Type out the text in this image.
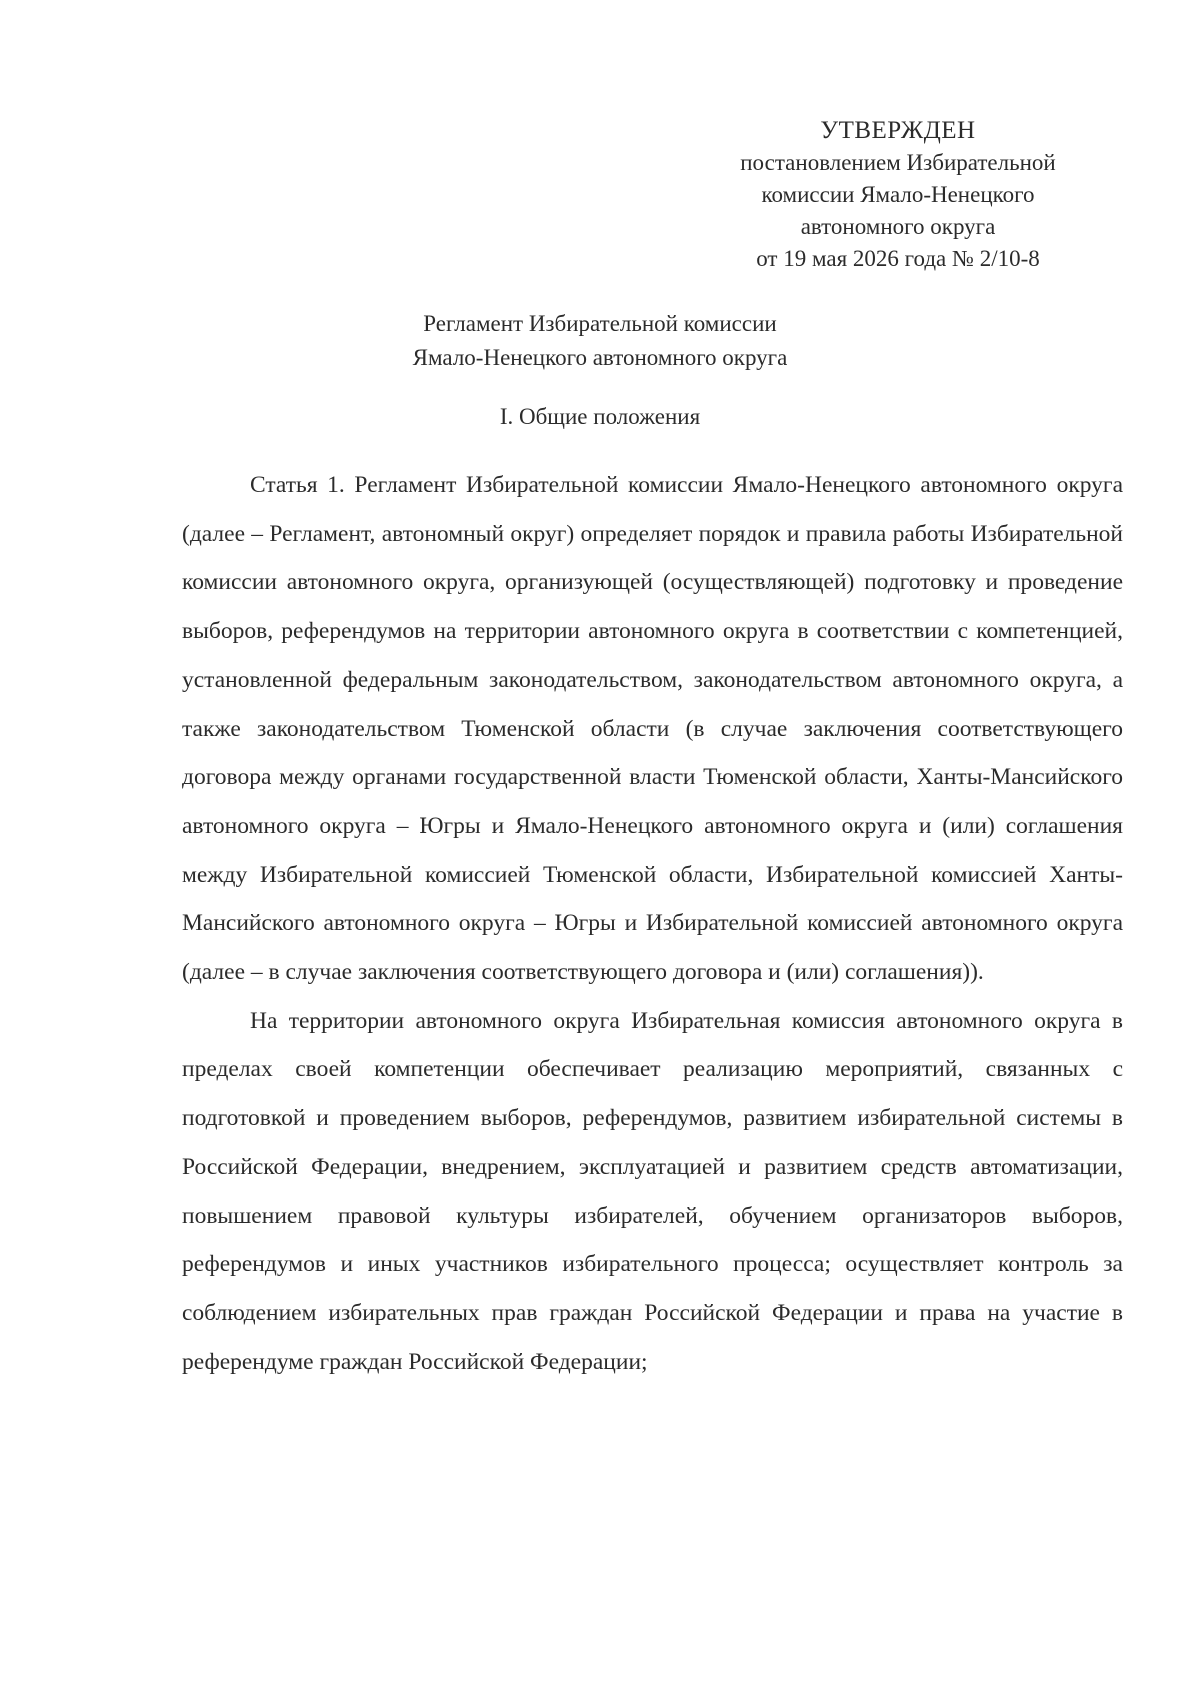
УТВЕРЖДЕН
постановлением Избирательной
комиссии Ямало-Ненецкого
автономного округа
от 19 мая 2026 года № 2/10-8
Регламент Избирательной комиссии
Ямало-Ненецкого автономного округа
I. Общие положения

Статья 1. Регламент Избирательной комиссии Ямало-Ненецкого автономного округа (далее – Регламент, автономный округ) определяет порядок и правила работы Избирательной комиссии автономного округа, организующей (осуществляющей) подготовку и проведение выборов, референдумов на территории автономного округа в соответствии с компетенцией, установленной федеральным законодательством, законодательством автономного округа, а также законодательством Тюменской области (в случае заключения соответствующего договора между органами государственной власти Тюменской области, Ханты-Мансийского автономного округа – Югры и Ямало-Ненецкого автономного округа и (или) соглашения между Избирательной комиссией Тюменской области, Избирательной комиссией Ханты-Мансийского автономного округа – Югры и Избирательной комиссией автономного округа (далее – в случае заключения соответствующего договора и (или) соглашения)).

На территории автономного округа Избирательная комиссия автономного округа в пределах своей компетенции обеспечивает реализацию мероприятий, связанных с подготовкой и проведением выборов, референдумов, развитием избирательной системы в Российской Федерации, внедрением, эксплуатацией и развитием средств автоматизации, повышением правовой культуры избирателей, обучением организаторов выборов, референдумов и иных участников избирательного процесса; осуществляет контроль за соблюдением избирательных прав граждан Российской Федерации и права на участие в референдуме граждан Российской Федерации;
